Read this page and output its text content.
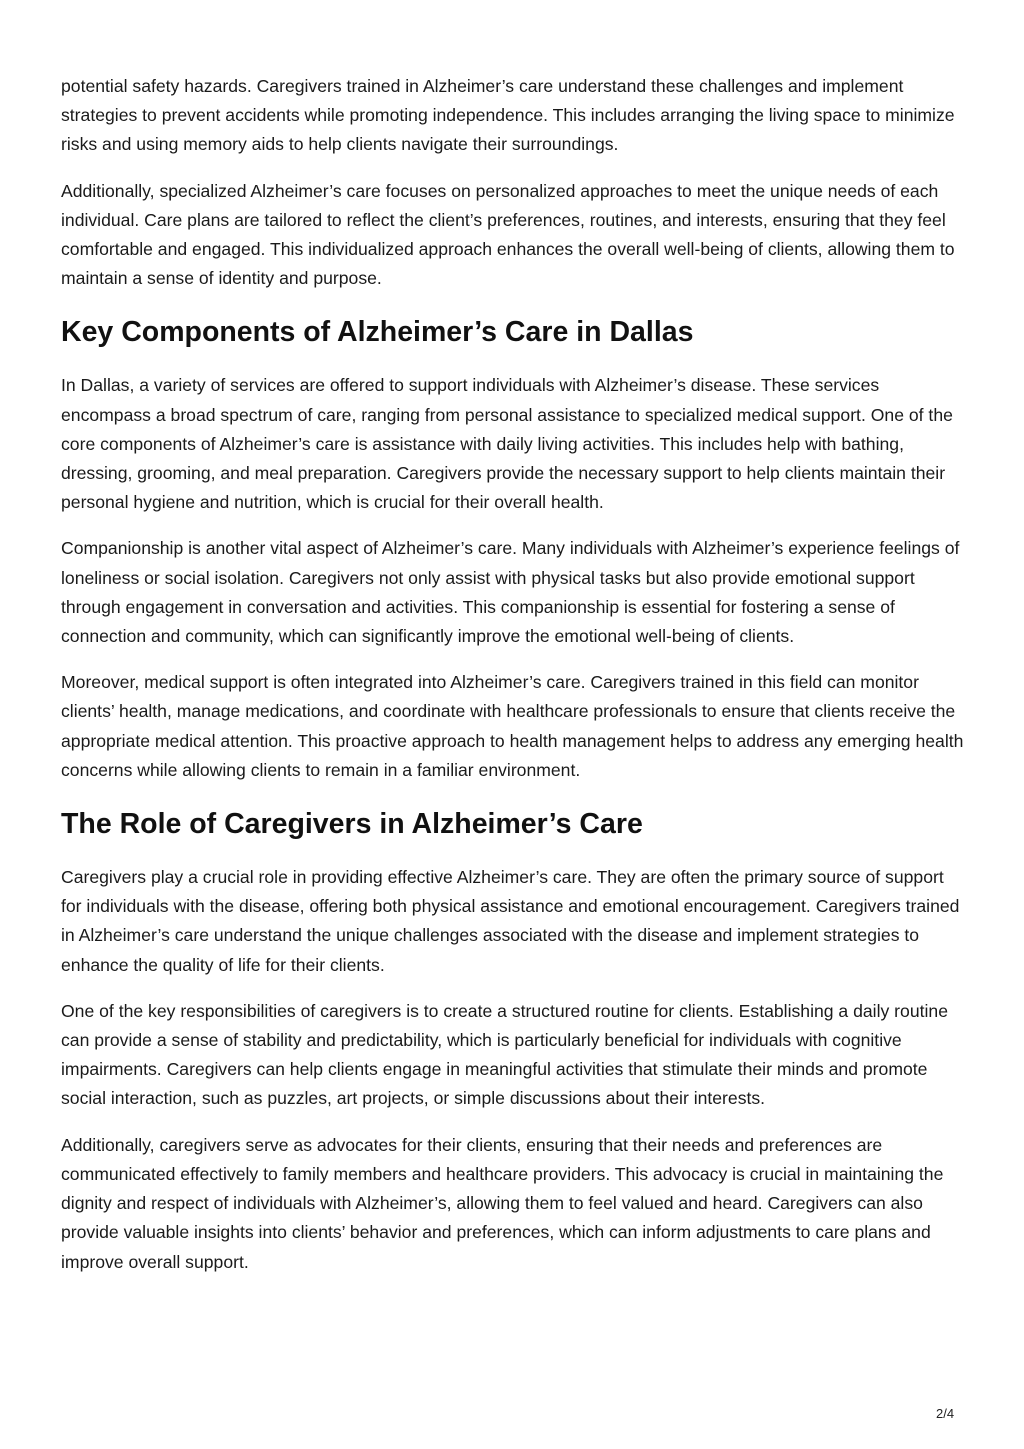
potential safety hazards. Caregivers trained in Alzheimer’s care understand these challenges and implement strategies to prevent accidents while promoting independence. This includes arranging the living space to minimize risks and using memory aids to help clients navigate their surroundings.

Additionally, specialized Alzheimer’s care focuses on personalized approaches to meet the unique needs of each individual. Care plans are tailored to reflect the client’s preferences, routines, and interests, ensuring that they feel comfortable and engaged. This individualized approach enhances the overall well-being of clients, allowing them to maintain a sense of identity and purpose.

Key Components of Alzheimer’s Care in Dallas

In Dallas, a variety of services are offered to support individuals with Alzheimer’s disease. These services encompass a broad spectrum of care, ranging from personal assistance to specialized medical support. One of the core components of Alzheimer’s care is assistance with daily living activities. This includes help with bathing, dressing, grooming, and meal preparation. Caregivers provide the necessary support to help clients maintain their personal hygiene and nutrition, which is crucial for their overall health.

Companionship is another vital aspect of Alzheimer’s care. Many individuals with Alzheimer’s experience feelings of loneliness or social isolation. Caregivers not only assist with physical tasks but also provide emotional support through engagement in conversation and activities. This companionship is essential for fostering a sense of connection and community, which can significantly improve the emotional well-being of clients.

Moreover, medical support is often integrated into Alzheimer’s care. Caregivers trained in this field can monitor clients’ health, manage medications, and coordinate with healthcare professionals to ensure that clients receive the appropriate medical attention. This proactive approach to health management helps to address any emerging health concerns while allowing clients to remain in a familiar environment.

The Role of Caregivers in Alzheimer’s Care

Caregivers play a crucial role in providing effective Alzheimer’s care. They are often the primary source of support for individuals with the disease, offering both physical assistance and emotional encouragement. Caregivers trained in Alzheimer’s care understand the unique challenges associated with the disease and implement strategies to enhance the quality of life for their clients.

One of the key responsibilities of caregivers is to create a structured routine for clients. Establishing a daily routine can provide a sense of stability and predictability, which is particularly beneficial for individuals with cognitive impairments. Caregivers can help clients engage in meaningful activities that stimulate their minds and promote social interaction, such as puzzles, art projects, or simple discussions about their interests.

Additionally, caregivers serve as advocates for their clients, ensuring that their needs and preferences are communicated effectively to family members and healthcare providers. This advocacy is crucial in maintaining the dignity and respect of individuals with Alzheimer’s, allowing them to feel valued and heard. Caregivers can also provide valuable insights into clients’ behavior and preferences, which can inform adjustments to care plans and improve overall support.

2/4
